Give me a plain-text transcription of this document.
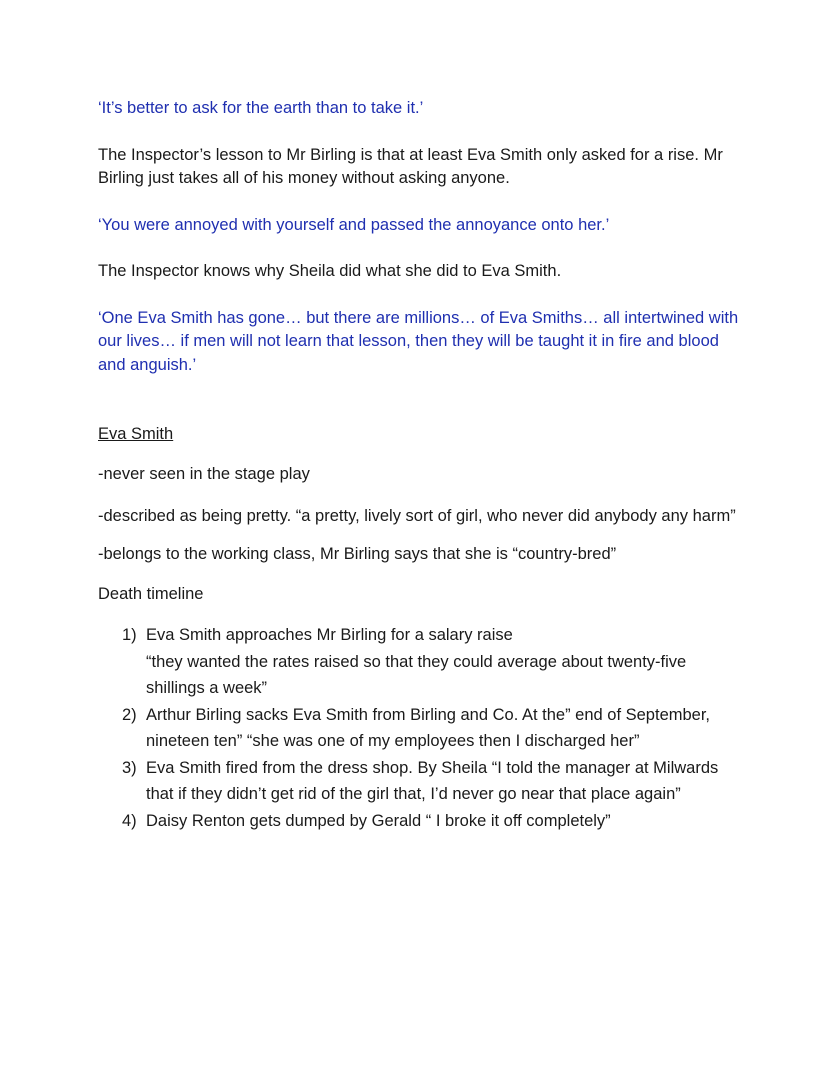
‘It’s better to ask for the earth than to take it.’

The Inspector’s lesson to Mr Birling is that at least Eva Smith only asked for a rise. Mr Birling just takes all of his money without asking anyone.

‘You were annoyed with yourself and passed the annoyance onto her.’

The Inspector knows why Sheila did what she did to Eva Smith.

‘One Eva Smith has gone… but there are millions… of Eva Smiths… all intertwined with our lives… if men will not learn that lesson, then they will be taught it in fire and blood and anguish.’

Eva Smith

-never seen in the stage play

-described as being pretty. “a pretty, lively sort of girl, who never did anybody any harm”

-belongs to the working class, Mr Birling says that she is “country-bred”

Death timeline

1) Eva Smith approaches Mr Birling for a salary raise
“they wanted the rates raised so that they could average about twenty-five shillings a week”
2) Arthur Birling sacks Eva Smith from Birling and Co. At the” end of September, nineteen ten” “she was one of my employees then I discharged her”
3) Eva Smith fired from the dress shop. By Sheila “I told the manager at Milwards that if they didn’t get rid of the girl that, I’d never go near that place again”
4) Daisy Renton gets dumped by Gerald “ I broke it off completely”
